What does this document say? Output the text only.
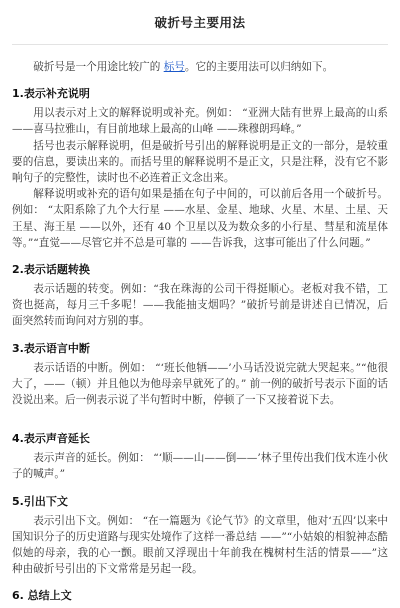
破折号主要用法

破折号是一个用途比较广的 标号。它的主要用法可以归纳如下。

1.表示补充说明

用以表示对上文的解释说明或补充。例如： “亚洲大陆有世界上最高的山系——喜马拉雅山，有目前地球上最高的山峰 ——珠穆朗玛峰。”

括号也表示解释说明，但是破折号引出的解释说明是正文的一部分，是较重要的信息，要读出来的。而括号里的解释说明不是正文，只是注释，没有它不影响句子的完整性，读时也不必连着正文念出来。

解释说明或补充的语句如果是插在句子中间的，可以前后各用一个破折号。例如： “太阳系除了九个大行星 ——水星、金星、地球、火星、木星、土星、天王星、海王星 ——以外，还有 40 个卫星以及为数众多的小行星、彗星和流星体等。”“直觉——尽管它并不总是可靠的 ——告诉我，这事可能出了什么问题。”

2.表示话题转换

表示话题的转变。例如：“我在珠海的公司干得挺顺心。老板对我不错，工资也挺高，每月三千多呢！——我能抽支烟吗？”破折号前是讲述自已情况，后面突然转而询问对方别的事。

3.表示语言中断

表示话语的中断。例如： “‘班长他牺——’小马话没说完就大哭起来。”“他很大了，——（顿）并且他以为他母亲早就死了的。” 前一例的破折号表示下面的话没说出来。后一例表示说了半句暂时中断，停顿了一下又接着说下去。

4.表示声音延长

表示声音的延长。例如： “‘顺——山——倒——’林子里传出我们伐木连小伙子的喊声。”

5.引出下文

表示引出下文。例如： “在一篇题为《论气节》的文章里，他对‘五四’以来中国知识分子的历史道路与现实处境作了这样一番总结 ——”“小姑娘的相貌神态酷似她的母亲，我的心一颤。眼前又浮现出十年前我在槐树村生活的情景——”这种由破折号引出的下文常常是另起一段。

6. 总结上文
